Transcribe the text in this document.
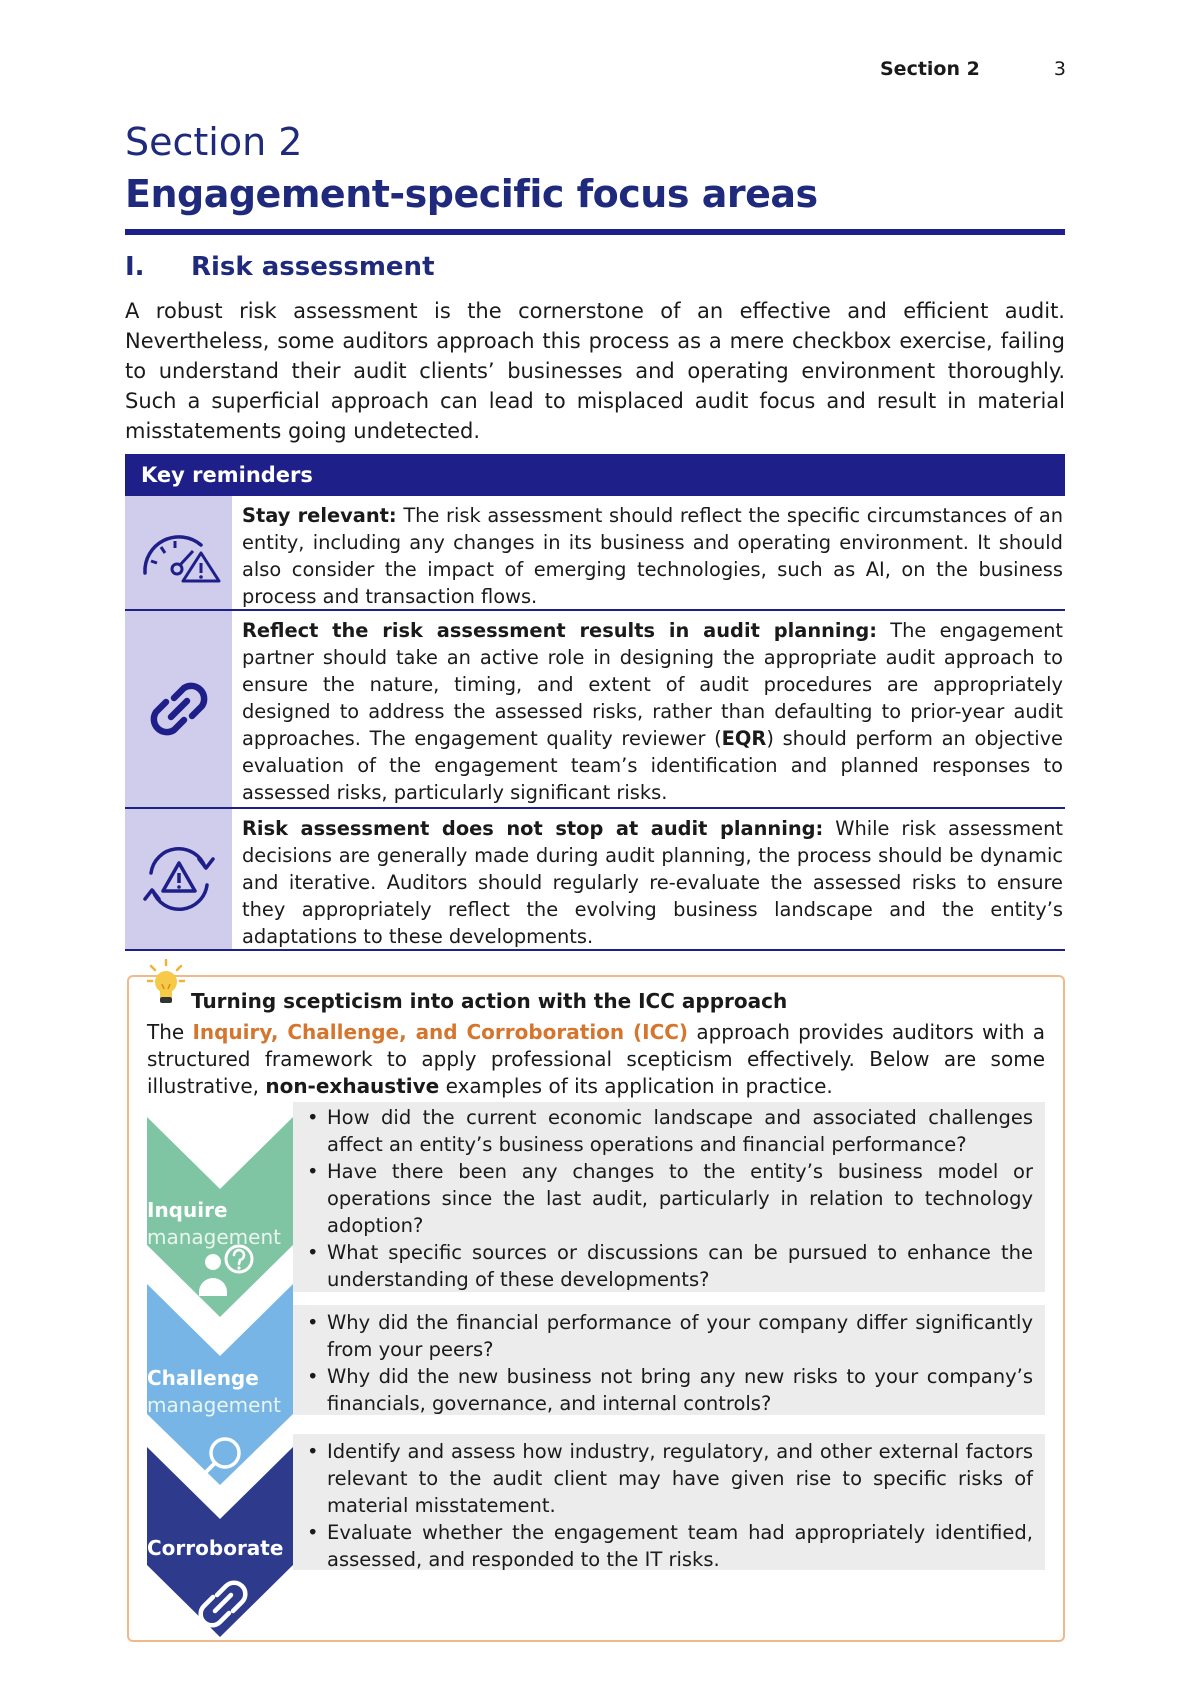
Section 2	3
Section 2
Engagement-specific focus areas
I. Risk assessment

A robust risk assessment is the cornerstone of an effective and efficient audit. Nevertheless, some auditors approach this process as a mere checkbox exercise, failing to understand their audit clients’ businesses and operating environment thoroughly. Such a superficial approach can lead to misplaced audit focus and result in material misstatements going undetected.

Key reminders
Stay relevant: The risk assessment should reflect the specific circumstances of an entity, including any changes in its business and operating environment. It should also consider the impact of emerging technologies, such as AI, on the business process and transaction flows.
Reflect the risk assessment results in audit planning: The engagement partner should take an active role in designing the appropriate audit approach to ensure the nature, timing, and extent of audit procedures are appropriately designed to address the assessed risks, rather than defaulting to prior-year audit approaches. The engagement quality reviewer (EQR) should perform an objective evaluation of the engagement team’s identification and planned responses to assessed risks, particularly significant risks.
Risk assessment does not stop at audit planning: While risk assessment decisions are generally made during audit planning, the process should be dynamic and iterative. Auditors should regularly re-evaluate the assessed risks to ensure they appropriately reflect the evolving business landscape and the entity’s adaptations to these developments.
Turning scepticism into action with the ICC approach

The Inquiry, Challenge, and Corroboration (ICC) approach provides auditors with a structured framework to apply professional scepticism effectively. Below are some illustrative, non-exhaustive examples of its application in practice.

Inquire
management
Challenge
management
Corroborate
• How did the current economic landscape and associated challenges affect an entity’s business operations and financial performance?
• Have there been any changes to the entity’s business model or operations since the last audit, particularly in relation to technology adoption?
• What specific sources or discussions can be pursued to enhance the understanding of these developments?
• Why did the financial performance of your company differ significantly from your peers?
• Why did the new business not bring any new risks to your company’s financials, governance, and internal controls?
• Identify and assess how industry, regulatory, and other external factors relevant to the audit client may have given rise to specific risks of material misstatement.
• Evaluate whether the engagement team had appropriately identified, assessed, and responded to the IT risks.
